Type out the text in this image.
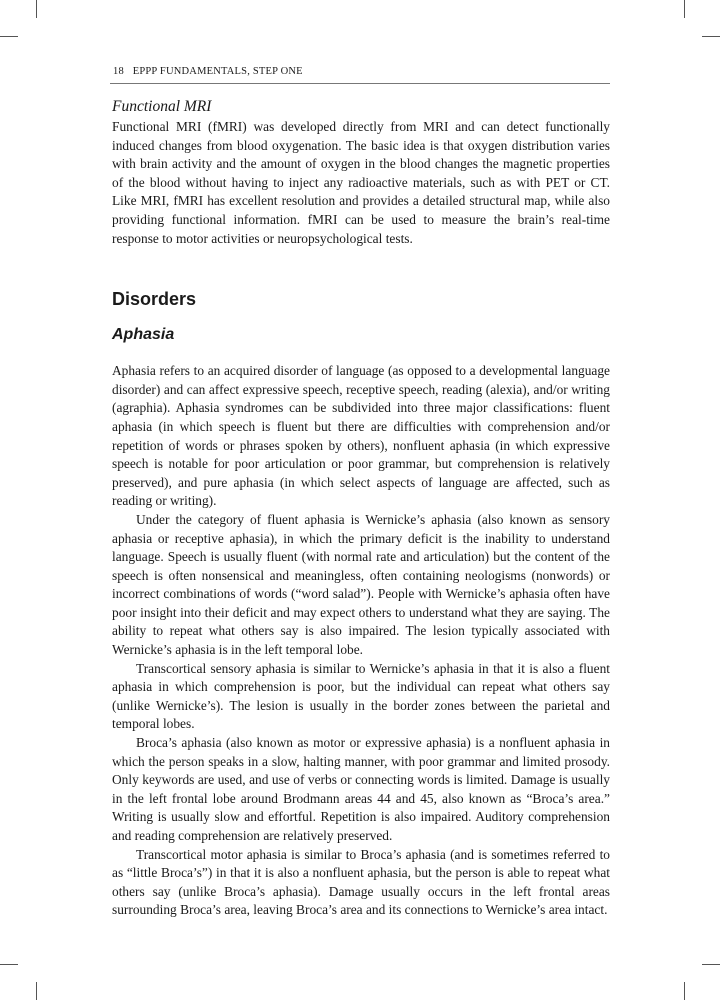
18 EPPP FUNDAMENTALS, STEP ONE
Functional MRI

Functional MRI (fMRI) was developed directly from MRI and can detect functionally induced changes from blood oxygenation. The basic idea is that oxygen distribution varies with brain activity and the amount of oxygen in the blood changes the magnetic properties of the blood without having to inject any radioactive materials, such as with PET or CT. Like MRI, fMRI has excellent resolution and provides a detailed structural map, while also providing functional information. fMRI can be used to measure the brain’s real-time response to motor activities or neuropsychological tests.

Disorders
Aphasia

Aphasia refers to an acquired disorder of language (as opposed to a developmental language disorder) and can affect expressive speech, receptive speech, reading (alexia), and/or writing (agraphia). Aphasia syndromes can be subdivided into three major classifications: fluent aphasia (in which speech is fluent but there are difficulties with comprehension and/or repetition of words or phrases spoken by others), nonfluent aphasia (in which expressive speech is notable for poor articulation or poor grammar, but comprehension is relatively preserved), and pure aphasia (in which select aspects of language are affected, such as reading or writing).

Under the category of fluent aphasia is Wernicke’s aphasia (also known as sensory aphasia or receptive aphasia), in which the primary deficit is the inability to understand language. Speech is usually fluent (with normal rate and articulation) but the content of the speech is often nonsensical and meaningless, often containing neologisms (nonwords) or incorrect combinations of words (“word salad”). People with Wernicke’s aphasia often have poor insight into their deficit and may expect others to understand what they are saying. The ability to repeat what others say is also impaired. The lesion typically associated with Wernicke’s aphasia is in the left temporal lobe.

Transcortical sensory aphasia is similar to Wernicke’s aphasia in that it is also a fluent aphasia in which comprehension is poor, but the individual can repeat what others say (unlike Wernicke’s). The lesion is usually in the border zones between the parietal and temporal lobes.

Broca’s aphasia (also known as motor or expressive aphasia) is a nonfluent aphasia in which the person speaks in a slow, halting manner, with poor grammar and limited prosody. Only keywords are used, and use of verbs or connecting words is limited. Damage is usually in the left frontal lobe around Brodmann areas 44 and 45, also known as “Broca’s area.” Writing is usually slow and effortful. Repetition is also impaired. Auditory comprehension and reading comprehension are relatively preserved.

Transcortical motor aphasia is similar to Broca’s aphasia (and is sometimes referred to as “little Broca’s”) in that it is also a nonfluent aphasia, but the person is able to repeat what others say (unlike Broca’s aphasia). Damage usually occurs in the left frontal areas surrounding Broca’s area, leaving Broca’s area and its connections to Wernicke’s area intact.
